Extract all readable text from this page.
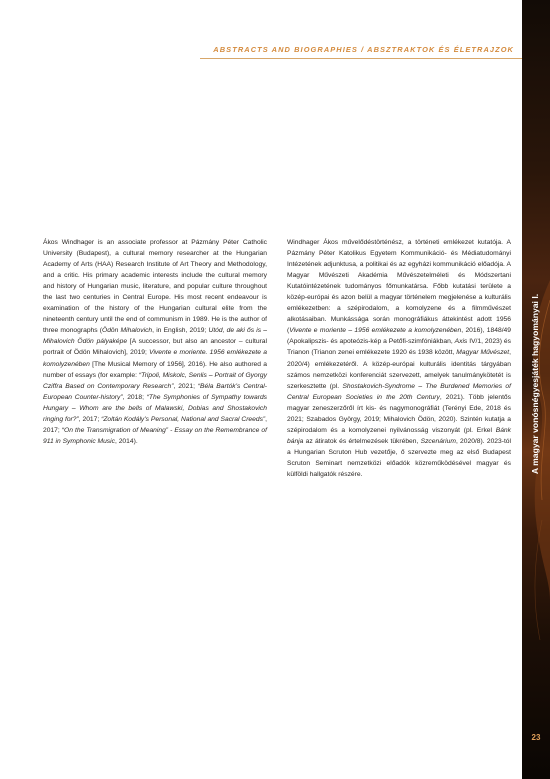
ABSTRACTS AND BIOGRAPHIES / ABSZTRAKTOK ÉS ÉLETRAJZOK
A magyar vonósnégyesjáték hagyományai I.
23

Ákos Windhager is an associate professor at Pázmány Péter Catholic University (Budapest), a cultural memory researcher at the Hungarian Academy of Arts (HAA) Research Institute of Art Theory and Methodology, and a critic. His primary academic interests include the cultural memory and history of Hungarian music, literature, and popular culture throughout the last two centuries in Central Europe. His most recent endeavour is examination of the history of the Hungarian cultural elite from the nineteenth century until the end of communism in 1989. He is the author of three monographs (Ödön Mihalovich, in English, 2019; Utód, de aki ős is – Mihalovich Ödön pályaképe [A successor, but also an ancestor – cultural portrait of Ödön Mihalovich], 2019; Vivente e moriente. 1956 emlékezete a komolyzenében [The Musical Memory of 1956], 2016). He also authored a number of essays (for example: “Tripoli, Miskolc, Senlis – Portrait of Gyorgy Cziffra Based on Contemporary Research”, 2021; “Béla Bartók’s Central-European Counter-history”, 2018; “The Symphonies of Sympathy towards Hungary – Whom are the bells of Malawski, Dobias and Shostakovich ringing for?”, 2017; “Zoltán Kodály’s Personal, National and Sacral Creeds”, 2017; “On the Transmigration of Meaning” - Essay on the Remembrance of 911 in Symphonic Music, 2014).

Windhager Ákos művelődéstörténész, a történeti emlékezet kutatója. A Pázmány Péter Katolikus Egyetem Kommunikáció- és Médiatudományi Intézetének adjunktusa, a politikai és az egyházi kommunikáció előadója. A Magyar Művészeti Akadémia Művészetelméleti és Módszertani Kutatóintézetének tudományos főmunkatársa. Főbb kutatási területe a közép-európai és azon belül a magyar történelem megjelenése a kulturális emlékezetben: a szépirodalom, a komolyzene és a filmművészet alkotásaiban. Munkássága során monográfiákus áttekintést adott 1956 (Vivente e moriente – 1956 emlékezete a komolyzenében, 2016), 1848/49 (Apokalipszis- és apoteózis-kép a Petőfi-szimfóniákban, Axis IV/1, 2023) és Trianon (Trianon zenei emlékezete 1920 és 1938 között, Magyar Művészet, 2020/4) emlékezetéről. A közép-európai kulturális identitás tárgyában számos nemzetközi konferenciát szervezett, amelyek tanulmánykötetét is szerkesztette (pl. Shostakovich-Syndrome – The Burdened Memories of Central European Societies in the 20th Century, 2021). Több jelentős magyar zeneszerzőről írt kis- és nagymonográfiát (Terényi Ede, 2018 és 2021; Szabados György, 2019; Mihalovich Ödön, 2020). Szintén kutatja a szépirodalom és a komolyzenei nyilvánosság viszonyát (pl. Erkel Bánk bánja az átiratok és értelmezések tükrében, Szcenárium, 2020/8). 2023-tól a Hungarian Scruton Hub vezetője, ő szervezte meg az első Budapest Scruton Seminart nemzetközi előadók közreműködésével magyar és külföldi hallgatók részére.
